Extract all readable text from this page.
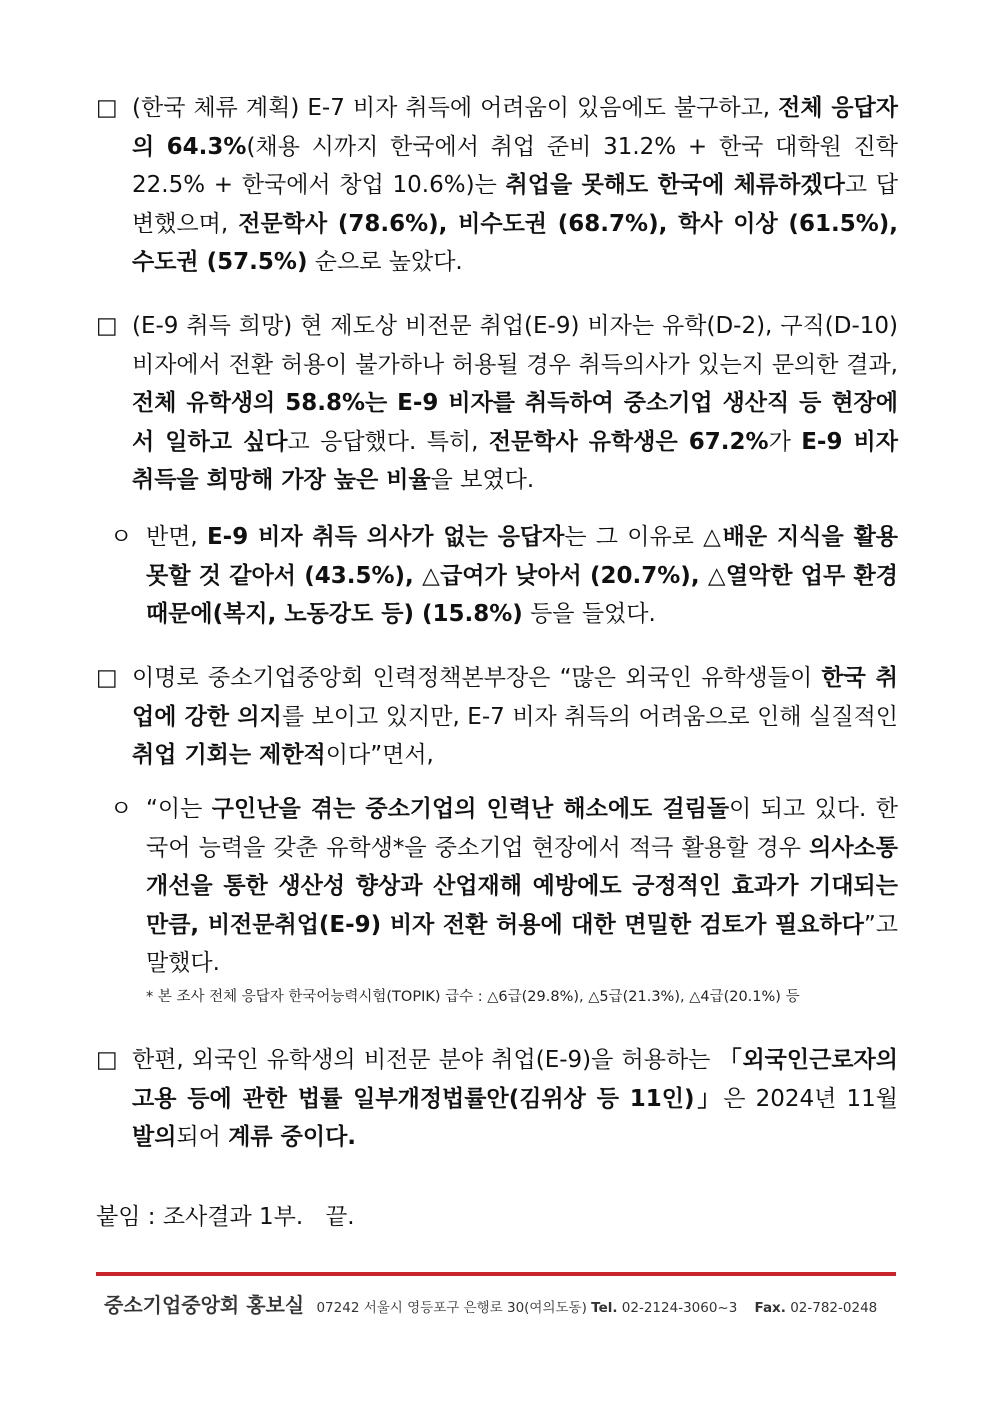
□ (한국 체류 계획) E-7 비자 취득에 어려움이 있음에도 불구하고, 전체 응답자의 64.3%(채용 시까지 한국에서 취업 준비 31.2% + 한국 대학원 진학 22.5% + 한국에서 창업 10.6%)는 취업을 못해도 한국에 체류하겠다고 답변했으며, 전문학사 (78.6%), 비수도권 (68.7%), 학사 이상 (61.5%), 수도권 (57.5%) 순으로 높았다.
□ (E-9 취득 희망) 현 제도상 비전문 취업(E-9) 비자는 유학(D-2), 구직(D-10) 비자에서 전환 허용이 불가하나 허용될 경우 취득의사가 있는지 문의한 결과, 전체 유학생의 58.8%는 E-9 비자를 취득하여 중소기업 생산직 등 현장에서 일하고 싶다고 응답했다. 특히, 전문학사 유학생은 67.2%가 E-9 비자 취득을 희망해 가장 높은 비율을 보였다.
ㅇ 반면, E-9 비자 취득 의사가 없는 응답자는 그 이유로 △배운 지식을 활용 못할 것 같아서 (43.5%), △급여가 낮아서 (20.7%), △열악한 업무 환경 때문에(복지, 노동강도 등) (15.8%) 등을 들었다.
□ 이명로 중소기업중앙회 인력정책본부장은 “많은 외국인 유학생들이 한국 취업에 강한 의지를 보이고 있지만, E-7 비자 취득의 어려움으로 인해 실질적인 취업 기회는 제한적이다”면서,
ㅇ “이는 구인난을 겪는 중소기업의 인력난 해소에도 걸림돌이 되고 있다. 한국어 능력을 갖춘 유학생*을 중소기업 현장에서 적극 활용할 경우 의사소통 개선을 통한 생산성 향상과 산업재해 예방에도 긍정적인 효과가 기대되는 만큼, 비전문취업(E-9) 비자 전환 허용에 대한 면밀한 검토가 필요하다”고 말했다.
* 본 조사 전체 응답자 한국어능력시험(TOPIK) 급수 : △6급(29.8%), △5급(21.3%), △4급(20.1%) 등
□ 한편, 외국인 유학생의 비전문 분야 취업(E-9)을 허용하는 「외국인근로자의 고용 등에 관한 법률 일부개정법률안(김위상 등 11인)」은 2024년 11월 발의되어 계류 중이다.
붙임 : 조사결과 1부.   끝.
중소기업중앙회 홍보실 07242 서울시 영등포구 은행로 30(여의도동) Tel. 02-2124-3060~3 Fax. 02-782-0248
